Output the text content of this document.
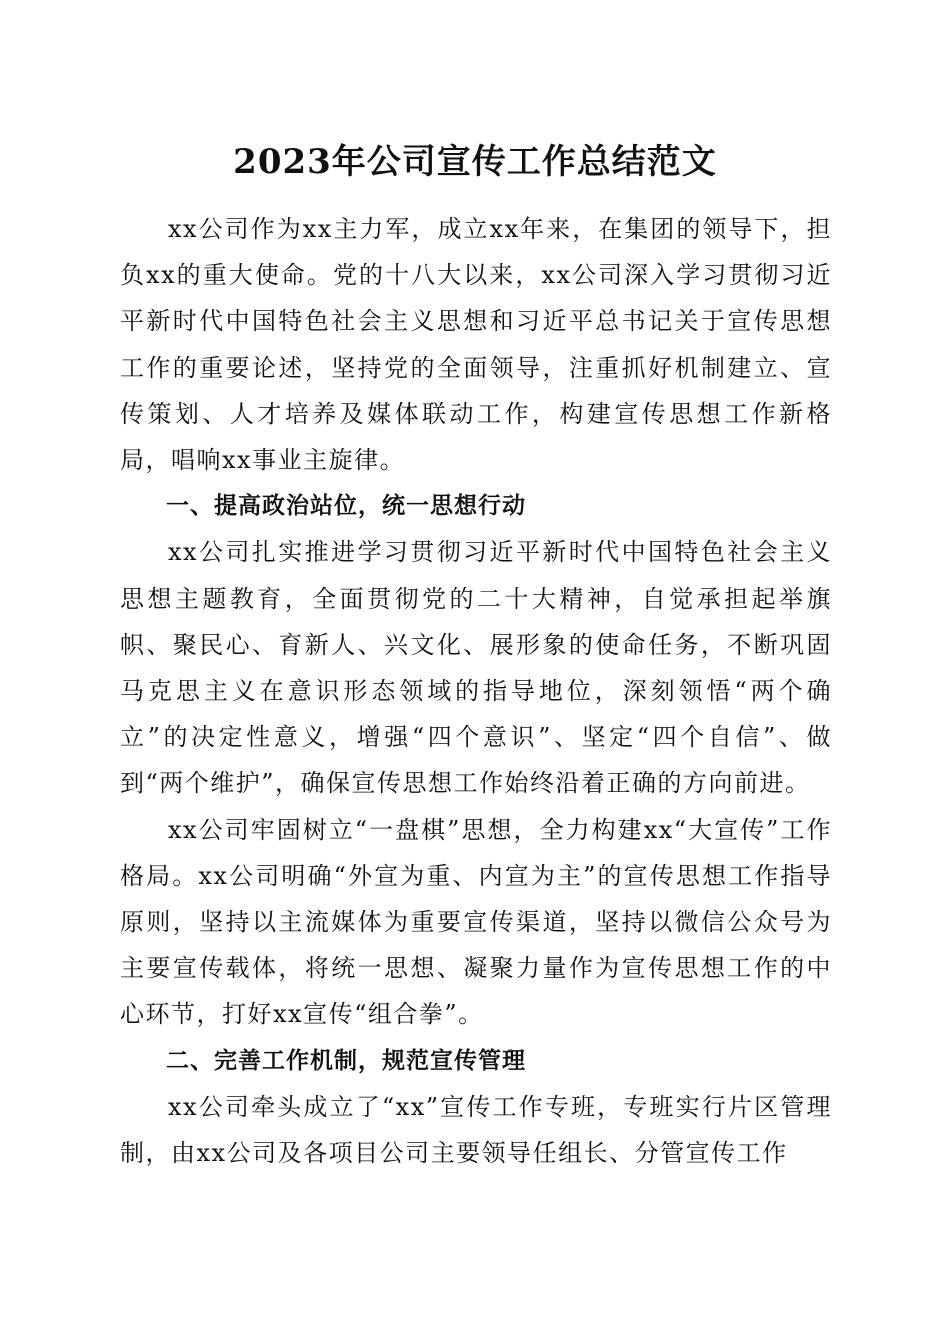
2023年公司宣传工作总结范文

xx公司作为xx主力军，成立xx年来，在集团的领导下，担负xx的重大使命。党的十八大以来，xx公司深入学习贯彻习近平新时代中国特色社会主义思想和习近平总书记关于宣传思想工作的重要论述，坚持党的全面领导，注重抓好机制建立、宣传策划、人才培养及媒体联动工作，构建宣传思想工作新格局，唱响xx事业主旋律。

一、提高政治站位，统一思想行动

xx公司扎实推进学习贯彻习近平新时代中国特色社会主义思想主题教育，全面贯彻党的二十大精神，自觉承担起举旗帜、聚民心、育新人、兴文化、展形象的使命任务，不断巩固马克思主义在意识形态领域的指导地位，深刻领悟“两个确立”的决定性意义，增强“四个意识”、坚定“四个自信”、做到“两个维护”，确保宣传思想工作始终沿着正确的方向前进。

xx公司牢固树立“一盘棋”思想，全力构建xx“大宣传”工作格局。xx公司明确“外宣为重、内宣为主”的宣传思想工作指导原则，坚持以主流媒体为重要宣传渠道，坚持以微信公众号为主要宣传载体，将统一思想、凝聚力量作为宣传思想工作的中心环节，打好xx宣传“组合拳”。

二、完善工作机制，规范宣传管理

xx公司牵头成立了“xx”宣传工作专班，专班实行片区管理制，由xx公司及各项目公司主要领导任组长、分管宣传工作
